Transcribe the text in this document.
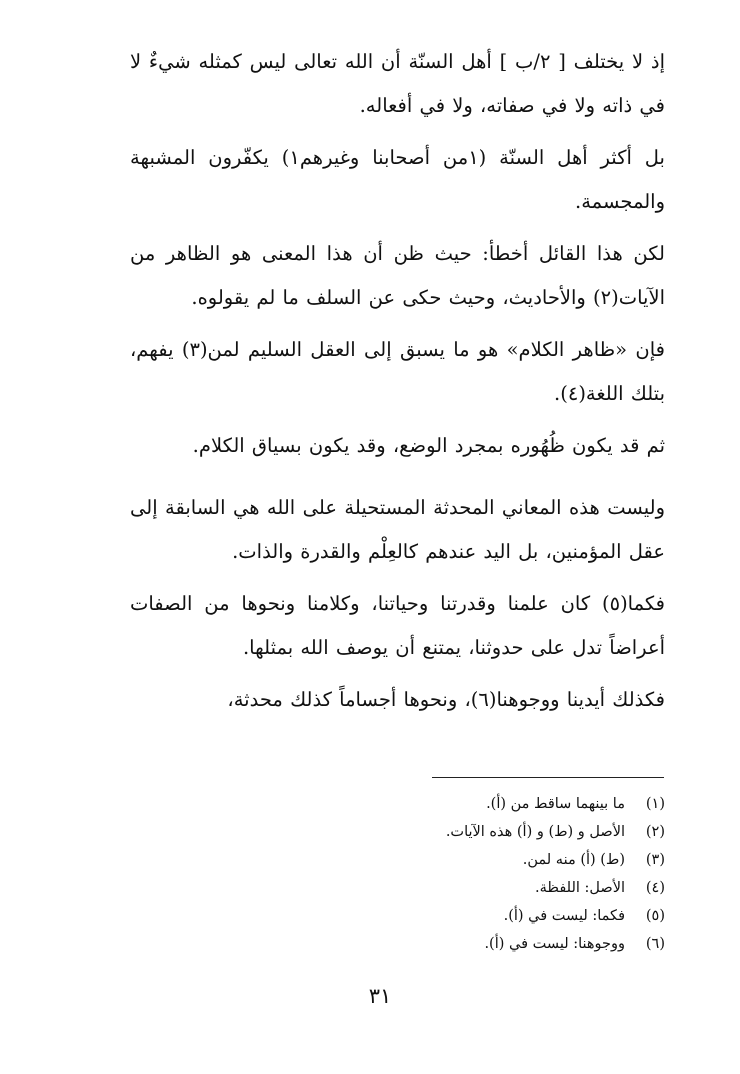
إذ لا يختلف [ ٢/ب ] أهل السنّة أن الله تعالى ليس كمثله شيءٌ لا في ذاته ولا في صفاته، ولا في أفعاله.

بل أكثر أهل السنّة (١من أصحابنا وغيرهم١) يكفّرون المشبهة والمجسمة.

لكن هذا القائل أخطأ: حيث ظن أن هذا المعنى هو الظاهر من الآيات(٢) والأحاديث، وحيث حكى عن السلف ما لم يقولوه.

فإن «ظاهر الكلام» هو ما يسبق إلى العقل السليم لمن(٣) يفهم، بتلك اللغة(٤).

ثم قد يكون ظُهُوره بمجرد الوضع، وقد يكون بسياق الكلام.

وليست هذه المعاني المحدثة المستحيلة على الله هي السابقة إلى عقل المؤمنين، بل اليد عندهم كالعِلْم والقدرة والذات.

فكما(٥) كان علمنا وقدرتنا وحياتنا، وكلامنا ونحوها من الصفات أعراضاً تدل على حدوثنا، يمتنع أن يوصف الله بمثلها.

فكذلك أيدينا ووجوهنا(٦)، ونحوها أجساماً كذلك محدثة،

(١)
ما بينهما ساقط من (أ).
(٢)
الأصل و (ط) و (أ) هذه الآيات.
(٣)
(ط) (أ) منه لمن.
(٤)
الأصل: اللفظة.
(٥)
فكما: ليست في (أ).
(٦)
ووجوهنا: ليست في (أ).
٣١
